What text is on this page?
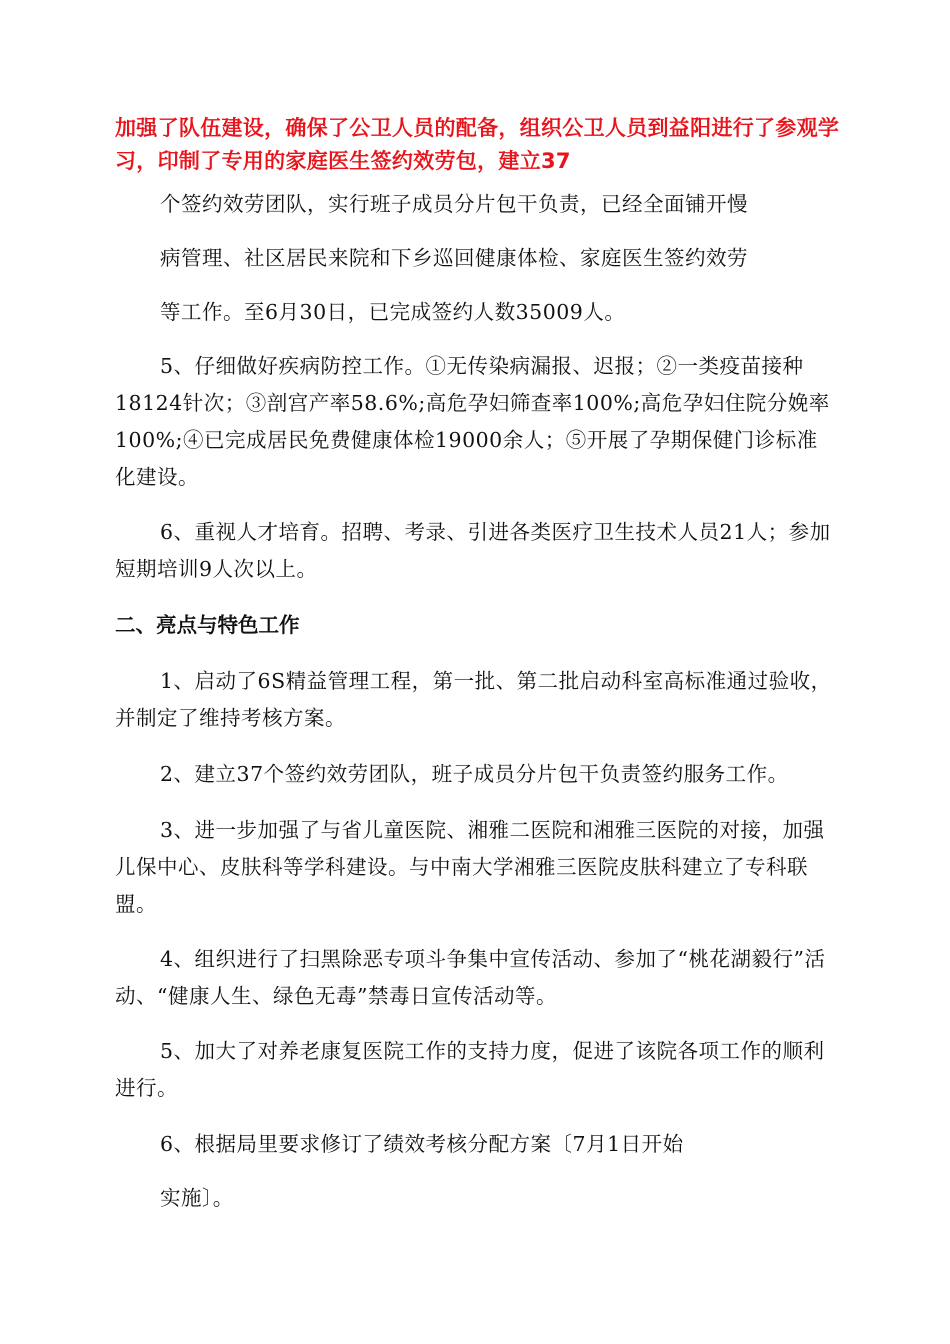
加强了队伍建设，确保了公卫人员的配备，组织公卫人员到益阳进行了参观学习，印制了专用的家庭医生签约效劳包，建立37
个签约效劳团队，实行班子成员分片包干负责，已经全面铺开慢
病管理、社区居民来院和下乡巡回健康体检、家庭医生签约效劳
等工作。至6月30日，已完成签约人数35009人。
5、仔细做好疾病防控工作。①无传染病漏报、迟报；②一类疫苗接种18124针次；③剖宫产率58.6%;高危孕妇筛查率100%;高危孕妇住院分娩率100%;④已完成居民免费健康体检19000余人；⑤开展了孕期保健门诊标准化建设。
6、重视人才培育。招聘、考录、引进各类医疗卫生技术人员21人；参加短期培训9人次以上。
二、亮点与特色工作
1、启动了6S精益管理工程，第一批、第二批启动科室高标准通过验收，并制定了维持考核方案。
2、建立37个签约效劳团队，班子成员分片包干负责签约服务工作。
3、进一步加强了与省儿童医院、湘雅二医院和湘雅三医院的对接，加强儿保中心、皮肤科等学科建设。与中南大学湘雅三医院皮肤科建立了专科联盟。
4、组织进行了扫黑除恶专项斗争集中宣传活动、参加了“桃花湖毅行”活动、“健康人生、绿色无毒”禁毒日宣传活动等。
5、加大了对养老康复医院工作的支持力度，促进了该院各项工作的顺利进行。
6、根据局里要求修订了绩效考核分配方案〔7月1日开始
实施〕。
